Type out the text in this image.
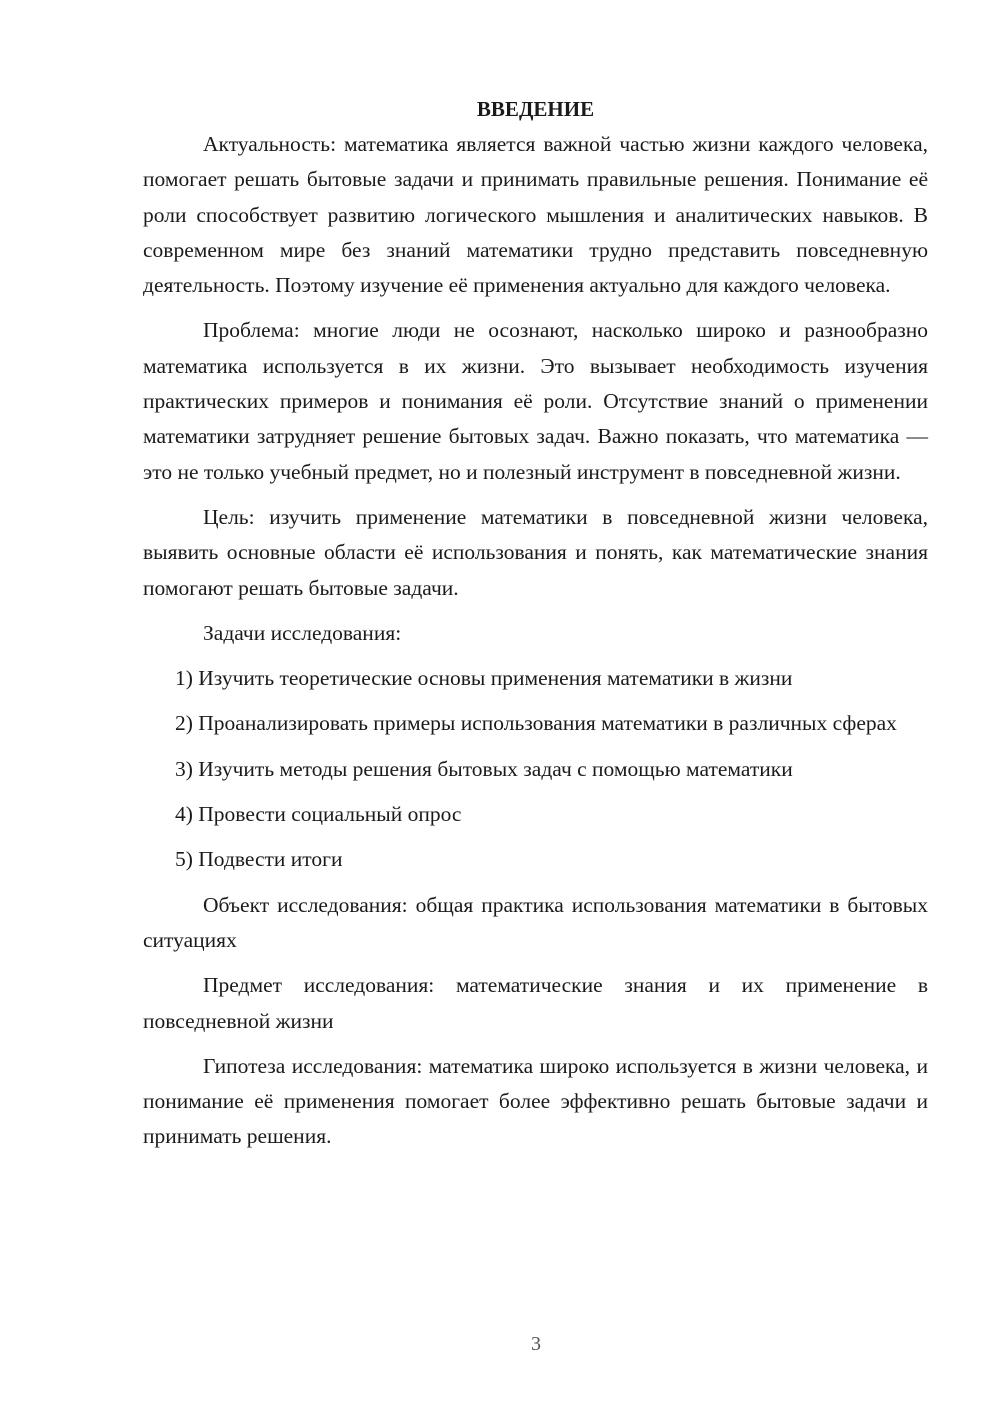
ВВЕДЕНИЕ

Актуальность: математика является важной частью жизни каждого человека, помогает решать бытовые задачи и принимать правильные решения. Понимание её роли способствует развитию логического мышления и аналитических навыков. В современном мире без знаний математики трудно представить повседневную деятельность. Поэтому изучение её применения актуально для каждого человека.

Проблема: многие люди не осознают, насколько широко и разнообразно математика используется в их жизни. Это вызывает необходимость изучения практических примеров и понимания её роли. Отсутствие знаний о применении математики затрудняет решение бытовых задач. Важно показать, что математика — это не только учебный предмет, но и полезный инструмент в повседневной жизни.

Цель: изучить применение математики в повседневной жизни человека, выявить основные области её использования и понять, как математические знания помогают решать бытовые задачи.

Задачи исследования:

1) Изучить теоретические основы применения математики в жизни

2) Проанализировать примеры использования математики в различных сферах

3) Изучить методы решения бытовых задач с помощью математики

4) Провести социальный опрос

5) Подвести итоги

Объект исследования: общая практика использования математики в бытовых ситуациях

Предмет исследования: математические знания и их применение в повседневной жизни

Гипотеза исследования: математика широко используется в жизни человека, и понимание её применения помогает более эффективно решать бытовые задачи и принимать решения.

3
